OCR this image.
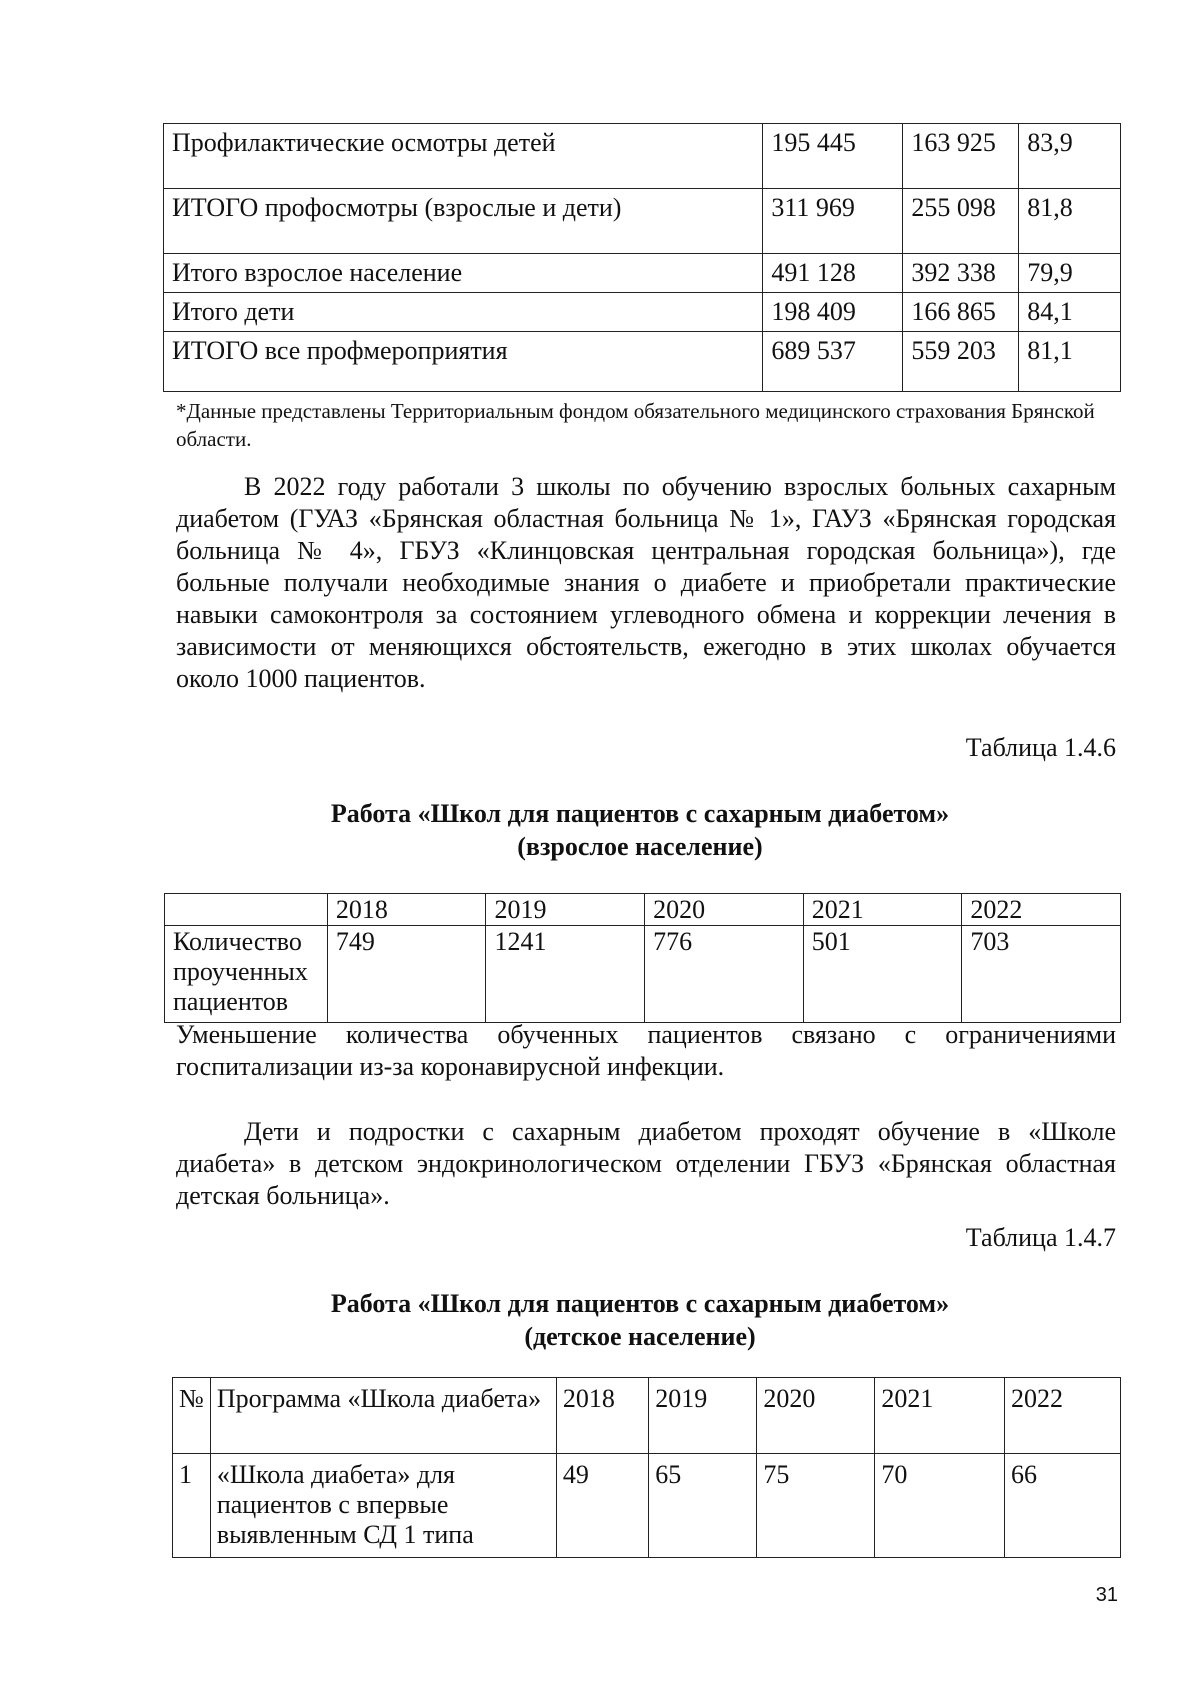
Профилактические осмотры детей	195 445	163 925	83,9
ИТОГО профосмотры (взрослые и дети)	311 969	255 098	81,8
Итого взрослое население	491 128	392 338	79,9
Итого дети	198 409	166 865	84,1
ИТОГО все профмероприятия	689 537	559 203	81,1
*Данные представлены Территориальным фондом обязательного медицинского страхования Брянской области.

В 2022 году работали 3 школы по обучению взрослых больных сахарным диабетом (ГУАЗ «Брянская областная больница № 1», ГАУЗ «Брянская городская больница № 4», ГБУЗ «Клинцовская центральная городская больница»), где больные получали необходимые знания о диабете и приобретали практические навыки самоконтроля за состоянием углеводного обмена и коррекции лечения в зависимости от меняющихся обстоятельств, ежегодно в этих школах обучается около 1000 пациентов.

Таблица 1.4.6
Работа «Школ для пациентов с сахарным диабетом»
(взрослое население)
	2018	2019	2020	2021	2022
Количество проученных пациентов	749	1241	776	501	703

Уменьшение количества обученных пациентов связано с ограничениями госпитализации из-за коронавирусной инфекции.

Дети и подростки с сахарным диабетом проходят обучение в «Школе диабета» в детском эндокринологическом отделении ГБУЗ «Брянская областная детская больница».

Таблица 1.4.7
Работа «Школ для пациентов с сахарным диабетом»
(детское население)
№	Программа «Школа диабета»	2018	2019	2020	2021	2022
1	«Школа диабета» для пациентов с впервые выявленным СД 1 типа	49	65	75	70	66
31
